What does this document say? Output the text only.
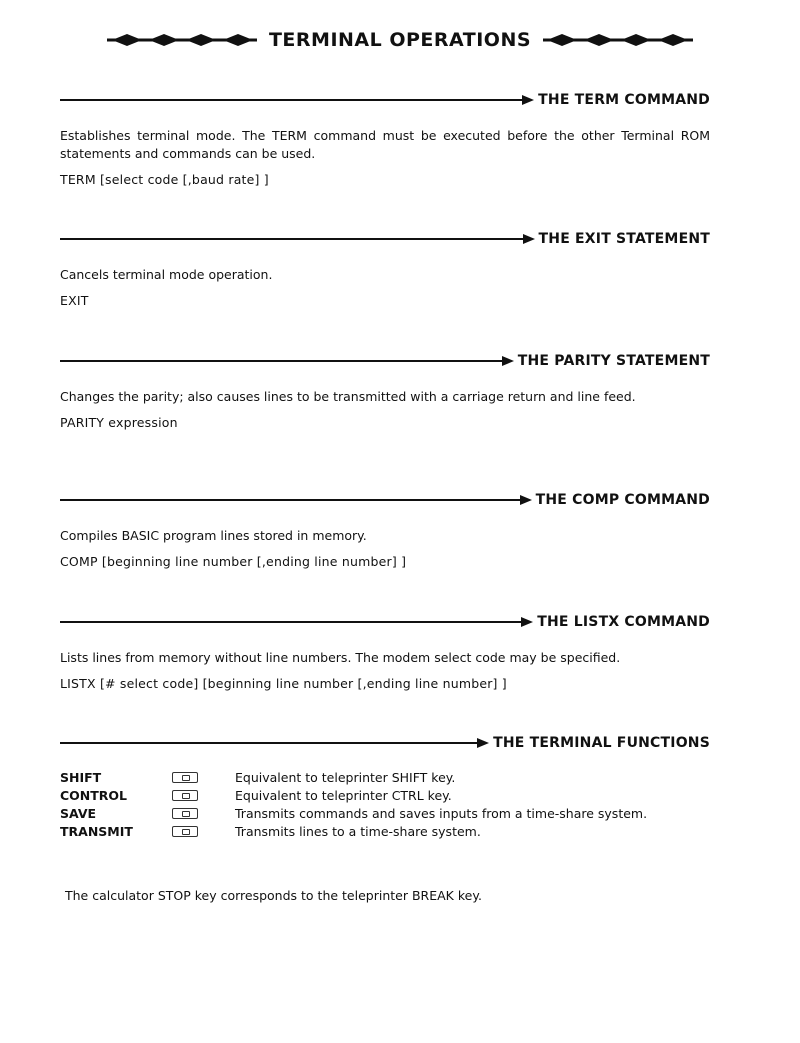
TERMINAL OPERATIONS
THE TERM COMMAND
Establishes terminal mode. The TERM command must be executed before the other Terminal ROM statements and commands can be used.
TERM [select code [,baud rate] ]
THE EXIT STATEMENT
Cancels terminal mode operation.
EXIT
THE PARITY STATEMENT
Changes the parity; also causes lines to be transmitted with a carriage return and line feed.
PARITY expression
THE COMP COMMAND
Compiles BASIC program lines stored in memory.
COMP [beginning line number [,ending line number] ]
THE LISTX COMMAND
Lists lines from memory without line numbers. The modem select code may be specified.
LISTX [# select code] [beginning line number [,ending line number] ]
THE TERMINAL FUNCTIONS
SHIFT		Equivalent to teleprinter SHIFT key.
CONTROL		Equivalent to teleprinter CTRL key.
SAVE		Transmits commands and saves inputs from a time-share system.
TRANSMIT		Transmits lines to a time-share system.
The calculator STOP key corresponds to the teleprinter BREAK key.
